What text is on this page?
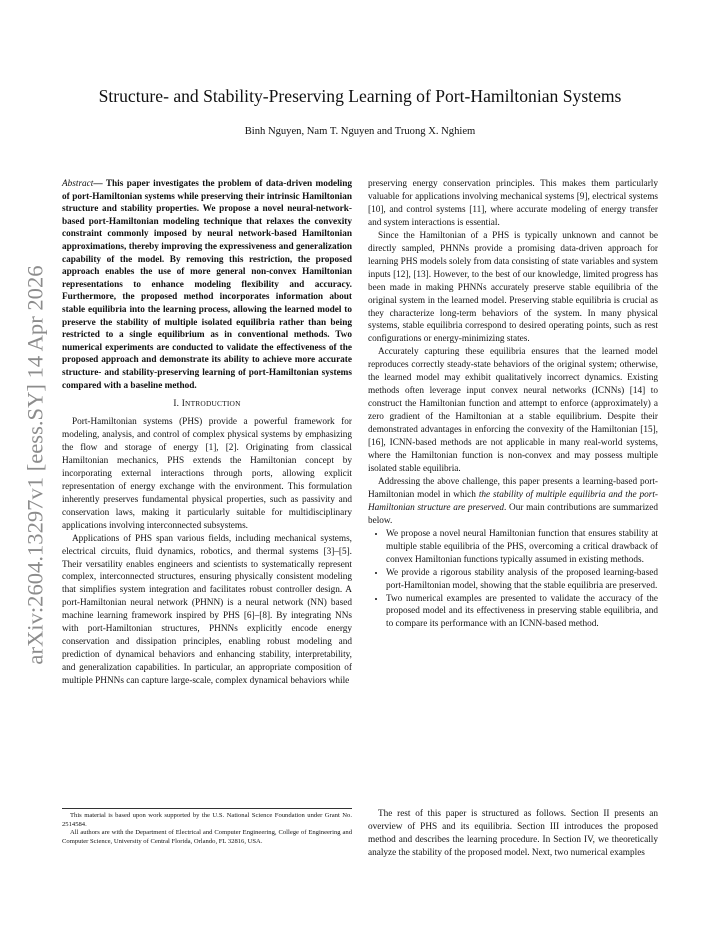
arXiv:2604.13297v1 [eess.SY] 14 Apr 2026
Structure- and Stability-Preserving Learning of Port-Hamiltonian Systems
Binh Nguyen, Nam T. Nguyen and Truong X. Nghiem
Abstract— This paper investigates the problem of data-driven modeling of port-Hamiltonian systems while preserving their intrinsic Hamiltonian structure and stability properties. We propose a novel neural-network-based port-Hamiltonian modeling technique that relaxes the convexity constraint commonly imposed by neural network-based Hamiltonian approximations, thereby improving the expressiveness and generalization capability of the model. By removing this restriction, the proposed approach enables the use of more general non-convex Hamiltonian representations to enhance modeling flexibility and accuracy. Furthermore, the proposed method incorporates information about stable equilibria into the learning process, allowing the learned model to preserve the stability of multiple isolated equilibria rather than being restricted to a single equilibrium as in conventional methods. Two numerical experiments are conducted to validate the effectiveness of the proposed approach and demonstrate its ability to achieve more accurate structure- and stability-preserving learning of port-Hamiltonian systems compared with a baseline method.
I. INTRODUCTION

Port-Hamiltonian systems (PHS) provide a powerful framework for modeling, analysis, and control of complex physical systems by emphasizing the flow and storage of energy [1], [2]. Originating from classical Hamiltonian mechanics, PHS extends the Hamiltonian concept by incorporating external interactions through ports, allowing explicit representation of energy exchange with the environment. This formulation inherently preserves fundamental physical properties, such as passivity and conservation laws, making it particularly suitable for multidisciplinary applications involving interconnected subsystems.

Applications of PHS span various fields, including mechanical systems, electrical circuits, fluid dynamics, robotics, and thermal systems [3]–[5]. Their versatility enables engineers and scientists to systematically represent complex, interconnected structures, ensuring physically consistent modeling that simplifies system integration and facilitates robust controller design. A port-Hamiltonian neural network (PHNN) is a neural network (NN) based machine learning framework inspired by PHS [6]–[8]. By integrating NNs with port-Hamiltonian structures, PHNNs explicitly encode energy conservation and dissipation principles, enabling robust modeling and prediction of dynamical behaviors and enhancing stability, interpretability, and generalization capabilities. In particular, an appropriate composition of multiple PHNNs can capture large-scale, complex dynamical behaviors while

This material is based upon work supported by the U.S. National Science Foundation under Grant No. 2514584.
All authors are with the Department of Electrical and Computer Engineering, College of Engineering and Computer Science, University of Central Florida, Orlando, FL 32816, USA.

preserving energy conservation principles. This makes them particularly valuable for applications involving mechanical systems [9], electrical systems [10], and control systems [11], where accurate modeling of energy transfer and system interactions is essential.

Since the Hamiltonian of a PHS is typically unknown and cannot be directly sampled, PHNNs provide a promising data-driven approach for learning PHS models solely from data consisting of state variables and system inputs [12], [13]. However, to the best of our knowledge, limited progress has been made in making PHNNs accurately preserve stable equilibria of the original system in the learned model. Preserving stable equilibria is crucial as they characterize long-term behaviors of the system. In many physical systems, stable equilibria correspond to desired operating points, such as rest configurations or energy-minimizing states.

Accurately capturing these equilibria ensures that the learned model reproduces correctly steady-state behaviors of the original system; otherwise, the learned model may exhibit qualitatively incorrect dynamics. Existing methods often leverage input convex neural networks (ICNNs) [14] to construct the Hamiltonian function and attempt to enforce (approximately) a zero gradient of the Hamiltonian at a stable equilibrium. Despite their demonstrated advantages in enforcing the convexity of the Hamiltonian [15], [16], ICNN-based methods are not applicable in many real-world systems, where the Hamiltonian function is non-convex and may possess multiple isolated stable equilibria.

Addressing the above challenge, this paper presents a learning-based port-Hamiltonian model in which the stability of multiple equilibria and the port-Hamiltonian structure are preserved. Our main contributions are summarized below.

• We propose a novel neural Hamiltonian function that ensures stability at multiple stable equilibria of the PHS, overcoming a critical drawback of convex Hamiltonian functions typically assumed in existing methods.
• We provide a rigorous stability analysis of the proposed learning-based port-Hamiltonian model, showing that the stable equilibria are preserved.
• Two numerical examples are presented to validate the accuracy of the proposed model and its effectiveness in preserving stable equilibria, and to compare its performance with an ICNN-based method.

The rest of this paper is structured as follows. Section II presents an overview of PHS and its equilibria. Section III introduces the proposed method and describes the learning procedure. In Section IV, we theoretically analyze the stability of the proposed model. Next, two numerical examples
